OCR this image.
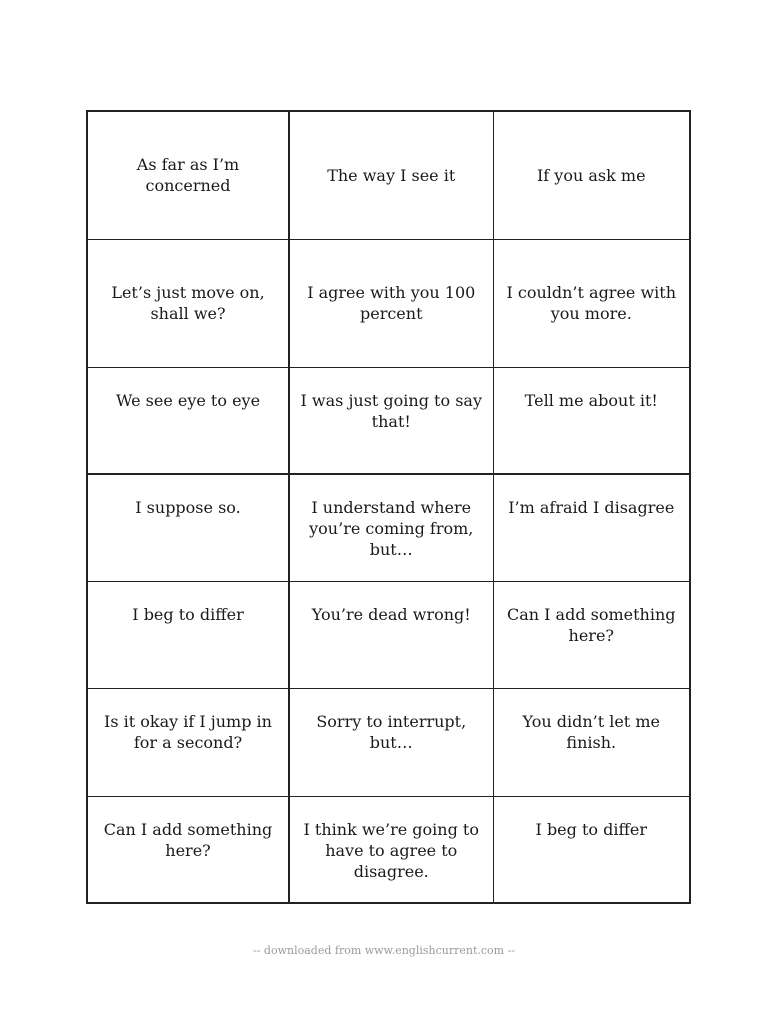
As far as I’m concerned	The way I see it	If you ask me
Let’s just move on, shall we?	I agree with you 100 percent	I couldn’t agree with you more.
We see eye to eye	I was just going to say that!	Tell me about it!
I suppose so.	I understand where you’re coming from, but…	I’m afraid I disagree
I beg to differ	You’re dead wrong!	Can I add something here?
Is it okay if I jump in for a second?	Sorry to interrupt, but…	You didn’t let me finish.
Can I add something here?	I think we’re going to have to agree to disagree.	I beg to differ
-- downloaded from www.englishcurrent.com --
